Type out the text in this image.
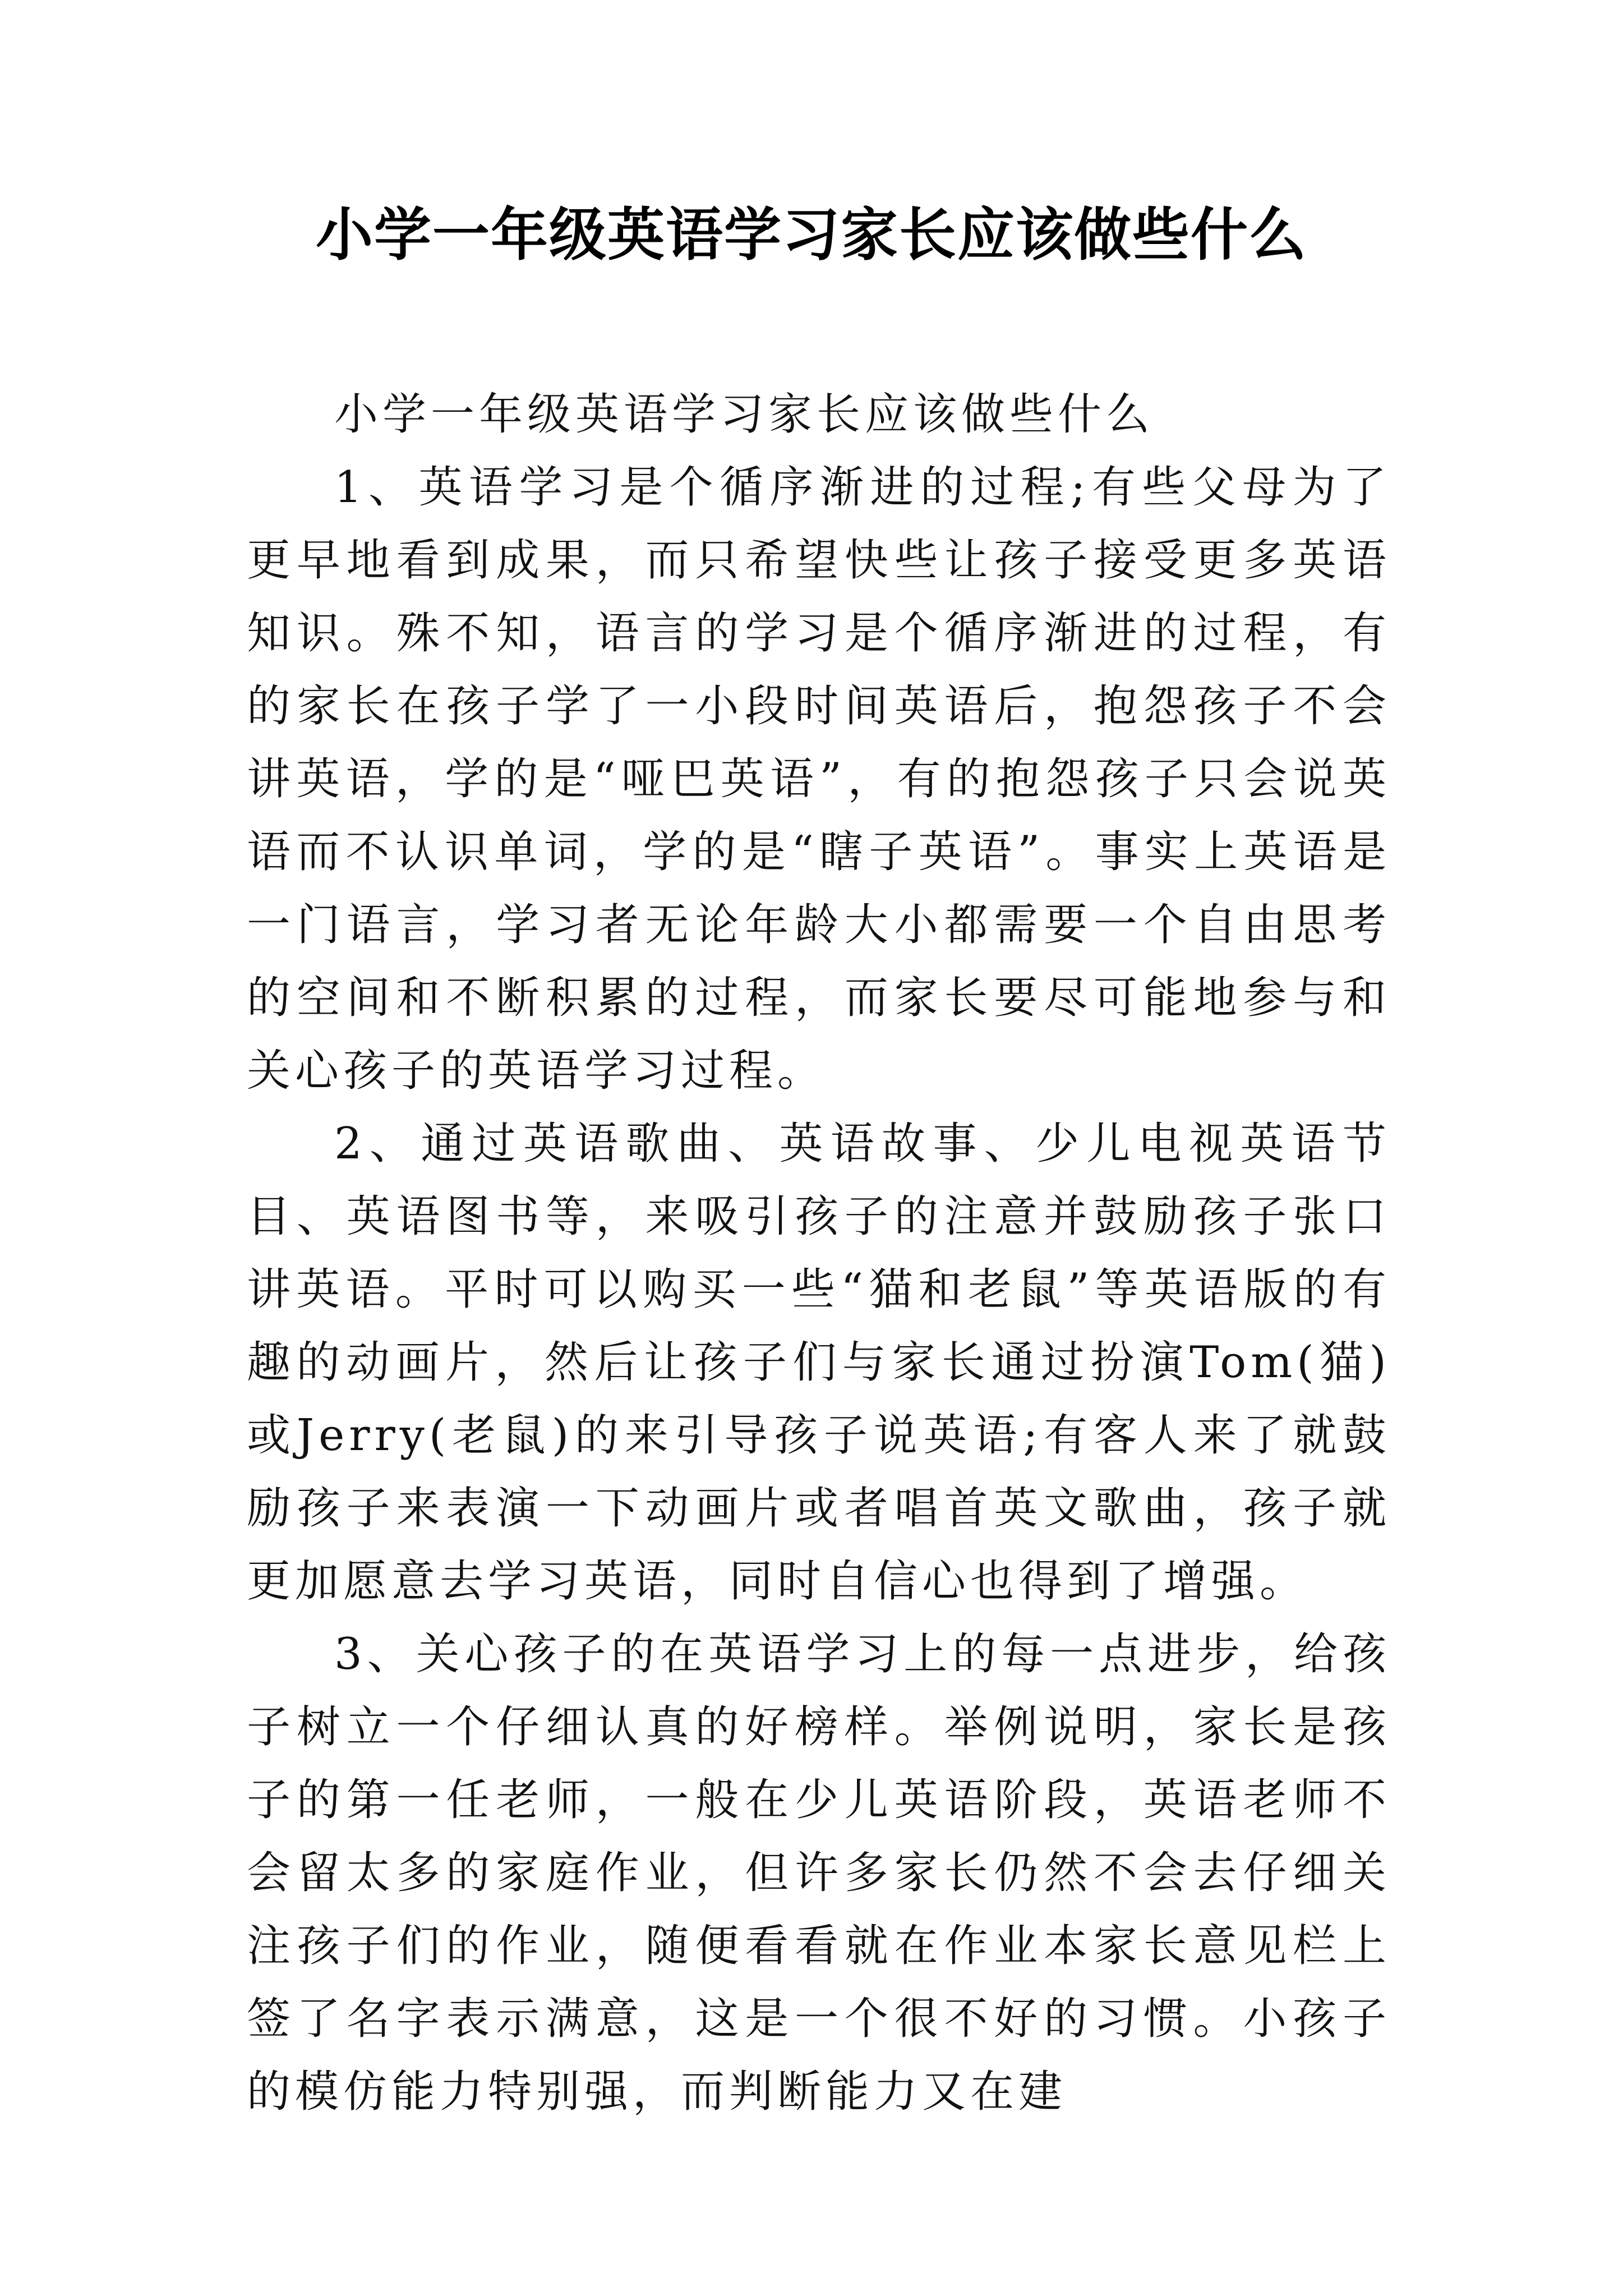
小学一年级英语学习家长应该做些什么

小学一年级英语学习家长应该做些什么

1、英语学习是个循序渐进的过程;有些父母为了更早地看到成果，而只希望快些让孩子接受更多英语知识。殊不知，语言的学习是个循序渐进的过程，有的家长在孩子学了一小段时间英语后，抱怨孩子不会讲英语，学的是“哑巴英语”，有的抱怨孩子只会说英语而不认识单词，学的是“瞎子英语”。事实上英语是一门语言，学习者无论年龄大小都需要一个自由思考的空间和不断积累的过程，而家长要尽可能地参与和关心孩子的英语学习过程。

2、通过英语歌曲、英语故事、少儿电视英语节目、英语图书等，来吸引孩子的注意并鼓励孩子张口讲英语。平时可以购买一些“猫和老鼠”等英语版的有趣的动画片，然后让孩子们与家长通过扮演Tom(猫)或Jerry(老鼠)的来引导孩子说英语;有客人来了就鼓励孩子来表演一下动画片或者唱首英文歌曲，孩子就更加愿意去学习英语，同时自信心也得到了增强。

3、关心孩子的在英语学习上的每一点进步，给孩子树立一个仔细认真的好榜样。举例说明，家长是孩子的第一任老师，一般在少儿英语阶段，英语老师不会留太多的家庭作业，但许多家长仍然不会去仔细关注孩子们的作业，随便看看就在作业本家长意见栏上签了名字表示满意，这是一个很不好的习惯。小孩子的模仿能力特别强，而判断能力又在建
